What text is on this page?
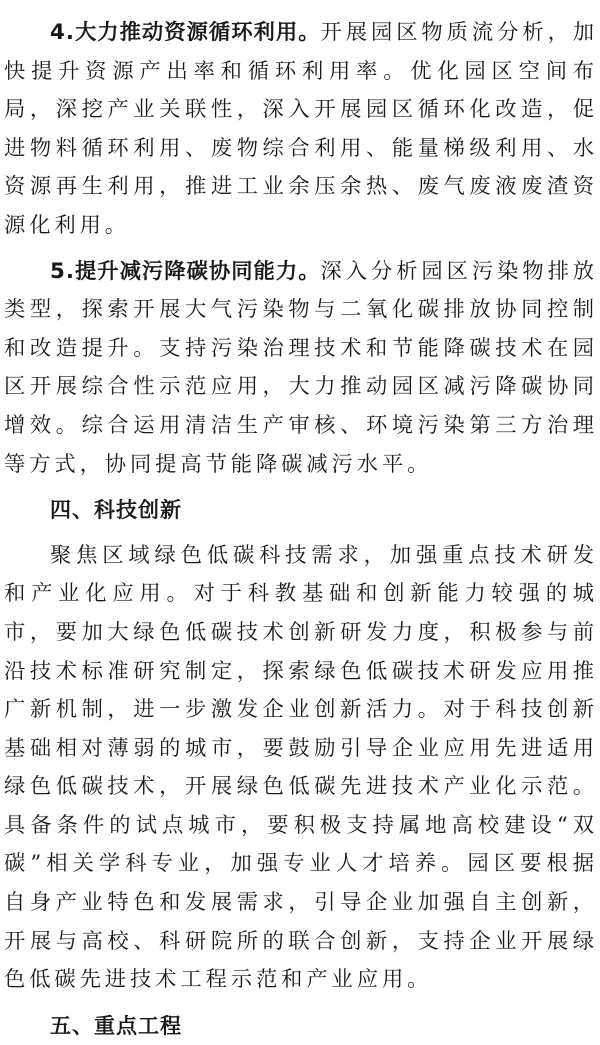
4.大力推动资源循环利用。开展园区物质流分析，加快提升资源产出率和循环利用率。优化园区空间布局，深挖产业关联性，深入开展园区循环化改造，促进物料循环利用、废物综合利用、能量梯级利用、水资源再生利用，推进工业余压余热、废气废液废渣资源化利用。

5.提升减污降碳协同能力。深入分析园区污染物排放类型，探索开展大气污染物与二氧化碳排放协同控制和改造提升。支持污染治理技术和节能降碳技术在园区开展综合性示范应用，大力推动园区减污降碳协同增效。综合运用清洁生产审核、环境污染第三方治理等方式，协同提高节能降碳减污水平。

四、科技创新

聚焦区域绿色低碳科技需求，加强重点技术研发和产业化应用。对于科教基础和创新能力较强的城市，要加大绿色低碳技术创新研发力度，积极参与前沿技术标准研究制定，探索绿色低碳技术研发应用推广新机制，进一步激发企业创新活力。对于科技创新基础相对薄弱的城市，要鼓励引导企业应用先进适用绿色低碳技术，开展绿色低碳先进技术产业化示范。具备条件的试点城市，要积极支持属地高校建设“双碳”相关学科专业，加强专业人才培养。园区要根据自身产业特色和发展需求，引导企业加强自主创新，开展与高校、科研院所的联合创新，支持企业开展绿色低碳先进技术工程示范和产业应用。

五、重点工程
